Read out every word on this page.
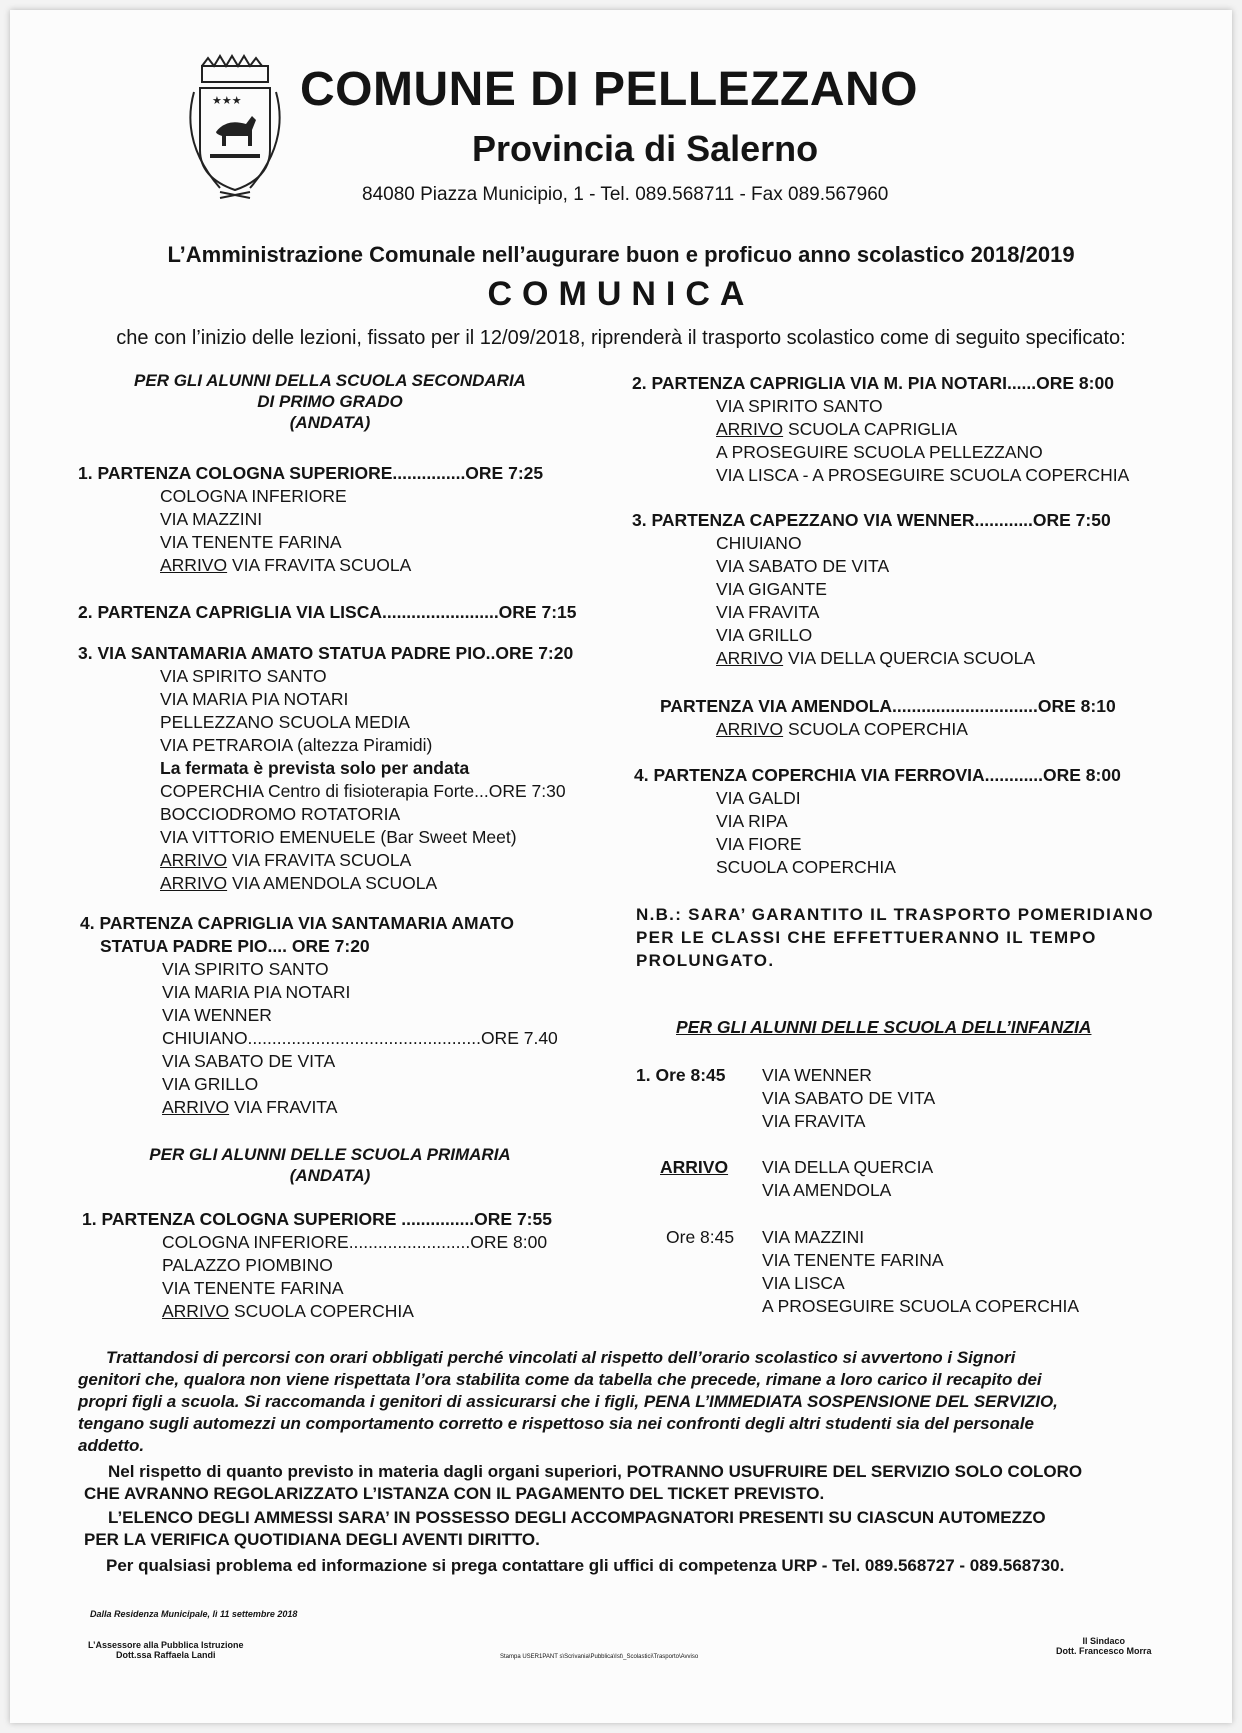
★★★ COMUNE DI PELLEZZANO
Provincia di Salerno
84080 Piazza Municipio, 1 - Tel. 089.568711 - Fax 089.567960
L’Amministrazione Comunale nell’augurare buon e proficuo anno scolastico 2018/2019
COMUNICA
che con l’inizio delle lezioni, fissato per il 12/09/2018, riprenderà il trasporto scolastico come di seguito specificato:
PER GLI ALUNNI DELLA SCUOLA SECONDARIA
DI PRIMO GRADO
(ANDATA)
1. PARTENZA COLOGNA SUPERIORE...............ORE 7:25
COLOGNA INFERIORE
VIA MAZZINI
VIA TENENTE FARINA
ARRIVO VIA FRAVITA SCUOLA
2. PARTENZA CAPRIGLIA VIA LISCA........................ORE 7:15
3. VIA SANTAMARIA AMATO STATUA PADRE PIO..ORE 7:20
VIA SPIRITO SANTO
VIA MARIA PIA NOTARI
PELLEZZANO SCUOLA MEDIA
VIA PETRAROIA (altezza Piramidi)
La fermata è prevista solo per andata
COPERCHIA Centro di fisioterapia Forte...ORE 7:30
BOCCIODROMO ROTATORIA
VIA VITTORIO EMENUELE (Bar Sweet Meet)
ARRIVO VIA FRAVITA SCUOLA
ARRIVO VIA AMENDOLA SCUOLA
4. PARTENZA CAPRIGLIA VIA SANTAMARIA AMATO
STATUA PADRE PIO.... ORE 7:20
VIA SPIRITO SANTO
VIA MARIA PIA NOTARI
VIA WENNER
CHIUIANO................................................ORE 7.40
VIA SABATO DE VITA
VIA GRILLO
ARRIVO VIA FRAVITA
PER GLI ALUNNI DELLE SCUOLA PRIMARIA
(ANDATA)
1. PARTENZA COLOGNA SUPERIORE ...............ORE 7:55
COLOGNA INFERIORE.........................ORE 8:00
PALAZZO PIOMBINO
VIA TENENTE FARINA
ARRIVO SCUOLA COPERCHIA
2. PARTENZA CAPRIGLIA VIA M. PIA NOTARI......ORE 8:00
VIA SPIRITO SANTO
ARRIVO SCUOLA CAPRIGLIA
A PROSEGUIRE SCUOLA PELLEZZANO
VIA LISCA - A PROSEGUIRE SCUOLA COPERCHIA
3. PARTENZA CAPEZZANO VIA WENNER............ORE 7:50
CHIUIANO
VIA SABATO DE VITA
VIA GIGANTE
VIA FRAVITA
VIA GRILLO
ARRIVO VIA DELLA QUERCIA SCUOLA
PARTENZA VIA AMENDOLA..............................ORE 8:10
ARRIVO SCUOLA COPERCHIA
4. PARTENZA COPERCHIA VIA FERROVIA............ORE 8:00
VIA GALDI
VIA RIPA
VIA FIORE
SCUOLA COPERCHIA
N.B.: SARA’ GARANTITO IL TRASPORTO POMERIDIANO
PER LE CLASSI CHE EFFETTUERANNO IL TEMPO
PROLUNGATO.
PER GLI ALUNNI DELLE SCUOLA DELL’INFANZIA
1. Ore 8:45 VIA WENNER
VIA SABATO DE VITA
VIA FRAVITA
ARRIVO VIA DELLA QUERCIA
VIA AMENDOLA
Ore 8:45 VIA MAZZINI
VIA TENENTE FARINA
VIA LISCA
A PROSEGUIRE SCUOLA COPERCHIA
Trattandosi di percorsi con orari obbligati perché vincolati al rispetto dell’orario scolastico si avvertono i Signori
genitori che, qualora non viene rispettata l’ora stabilita come da tabella che precede, rimane a loro carico il recapito dei
propri figli a scuola. Si raccomanda i genitori di assicurarsi che i figli, PENA L’IMMEDIATA SOSPENSIONE DEL SERVIZIO,
tengano sugli automezzi un comportamento corretto e rispettoso sia nei confronti degli altri studenti sia del personale
addetto.
Nel rispetto di quanto previsto in materia dagli organi superiori, POTRANNO USUFRUIRE DEL SERVIZIO SOLO COLORO
CHE AVRANNO REGOLARIZZATO L’ISTANZA CON IL PAGAMENTO DEL TICKET PREVISTO.
L’ELENCO DEGLI AMMESSI SARA’ IN POSSESSO DEGLI ACCOMPAGNATORI PRESENTI SU CIASCUN AUTOMEZZO
PER LA VERIFICA QUOTIDIANA DEGLI AVENTI DIRITTO.
Per qualsiasi problema ed informazione si prega contattare gli uffici di competenza URP - Tel. 089.568727 - 089.568730.
Dalla Residenza Municipale, lì 11 settembre 2018
L’Assessore alla Pubblica Istruzione
Dott.ssa Raffaela Landi	Stampa USER1PANT s\Scrivania\Pubblica\Ist\_Scolastici\Trasporto\Avviso
Il Sindaco
Dott. Francesco Morra
